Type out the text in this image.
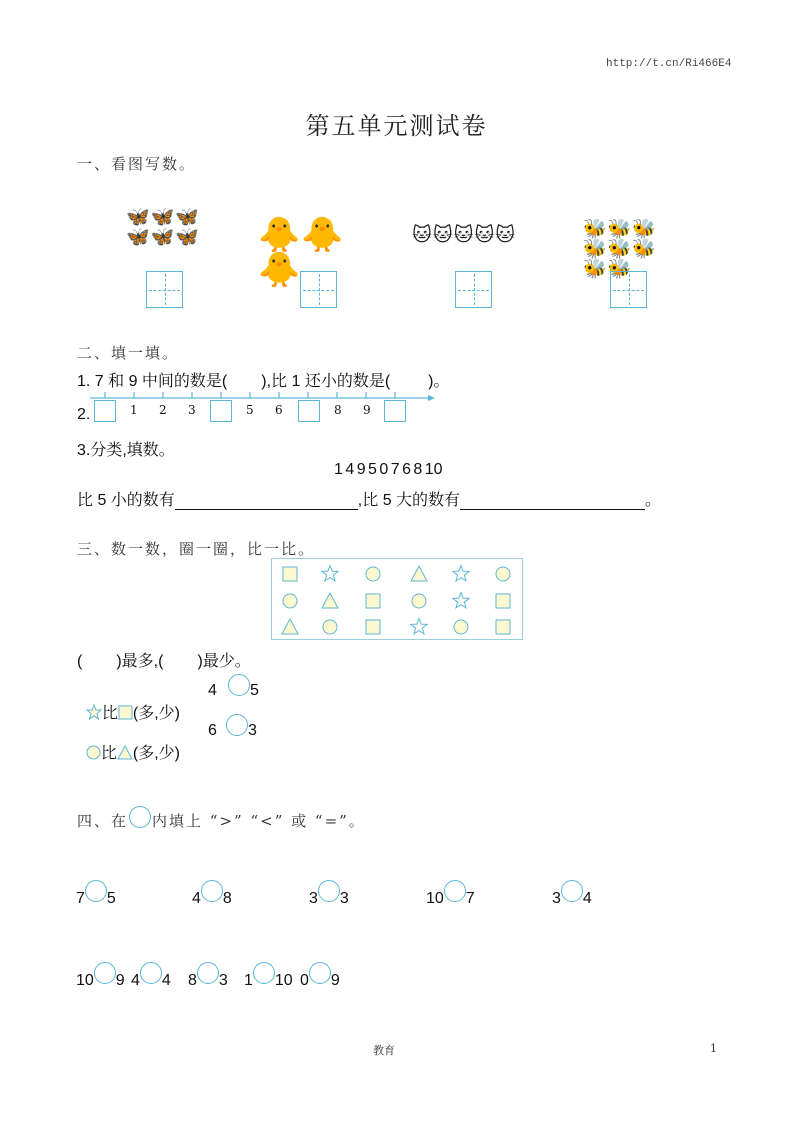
http://t.cn/Ri466E4
第五单元测试卷
一、看图写数。
🦋 🦋 🦋
🦋 🦋 🦋 🐥 🐥
🐥
🐱 🐱 🐱 🐱 🐱	🐝 🐝 🐝
🐝 🐝 🐝
🐝 🐝
二、填一填。
1. 7 和 9 中间的数是( ),比 1 还小的数是( )。
2.	1 2 3	5 6	8 9
3.分类,填数。
1 4 9 5 0 7 6 8 10
比 5 小的数有	,比 5 大的数有	。
三、数一数，圈一圈，比一比。
( )最多,( )最少。

比 (多,少)

4 5

比 (多,少)

6 3
四、在 内填上 “>” “<” 或 “=”。
7 5	4 8	3 3	10 7	3 4
10 9 4 4 8 3 1 10 0 9
教育	1
